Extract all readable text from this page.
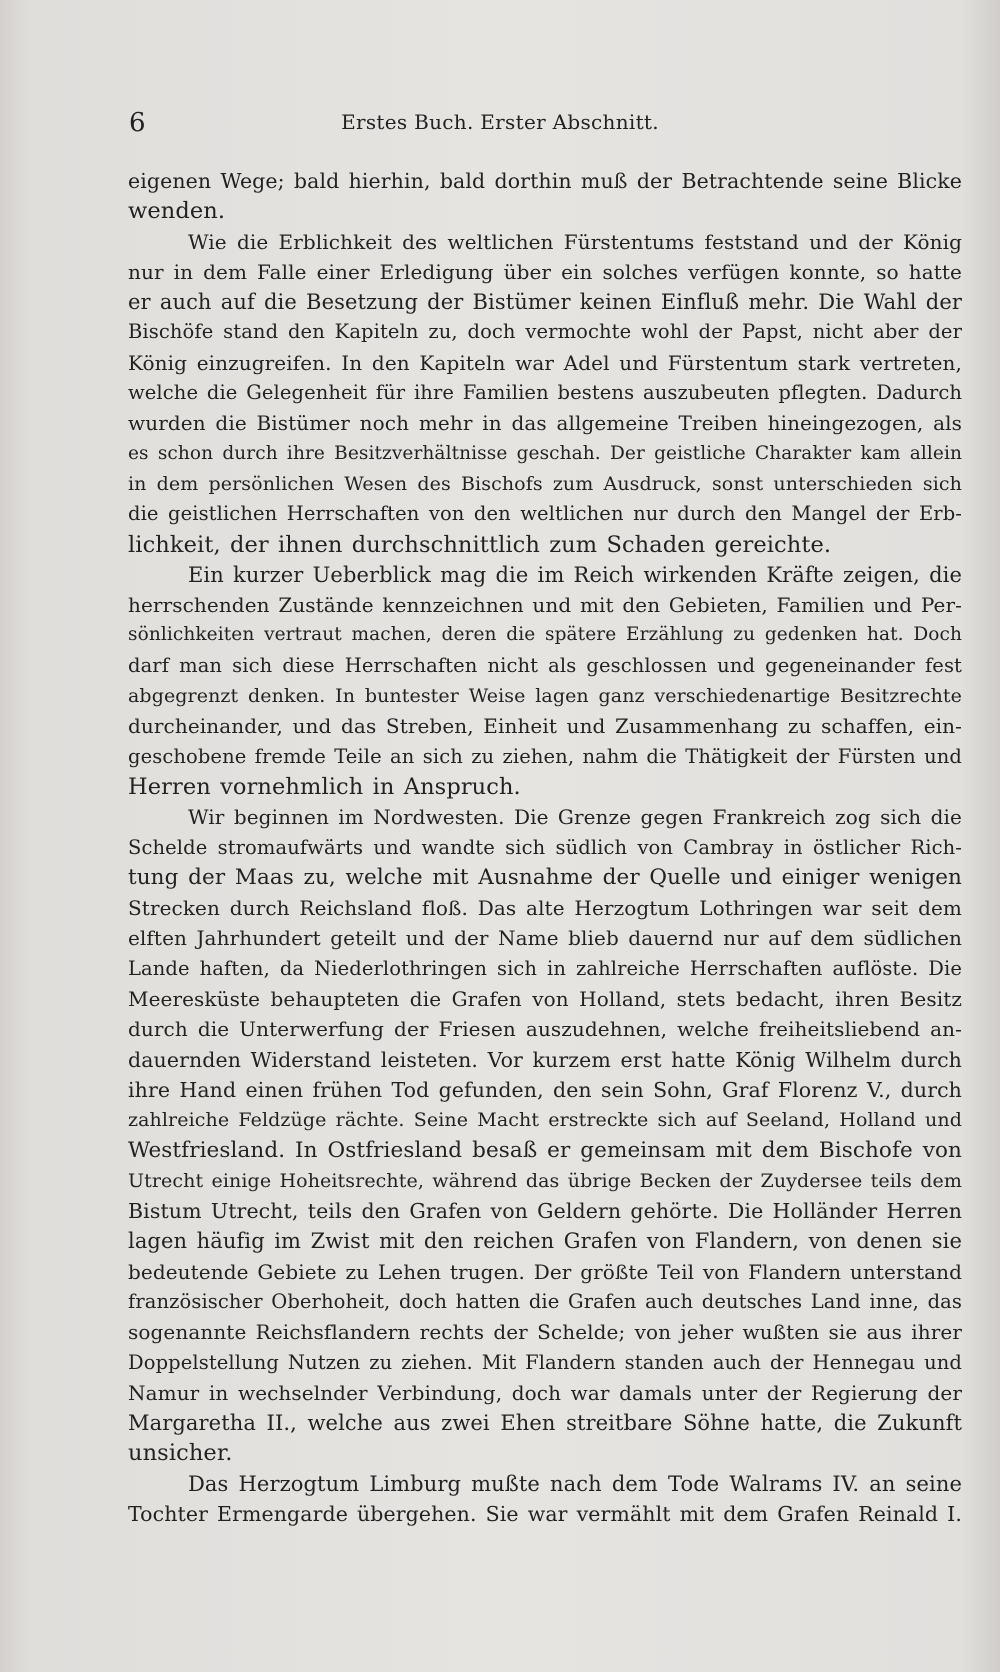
6	Erstes Buch. Erster Abschnitt.
eigenen Wege; bald hierhin, bald dorthin muß der Betrachtende seine Blicke
wenden.
Wie die Erblichkeit des weltlichen Fürstentums feststand und der König
nur in dem Falle einer Erledigung über ein solches verfügen konnte, so hatte
er auch auf die Besetzung der Bistümer keinen Einfluß mehr. Die Wahl der
Bischöfe stand den Kapiteln zu, doch vermochte wohl der Papst, nicht aber der
König einzugreifen. In den Kapiteln war Adel und Fürstentum stark vertreten,
welche die Gelegenheit für ihre Familien bestens auszubeuten pflegten. Dadurch
wurden die Bistümer noch mehr in das allgemeine Treiben hineingezogen, als
es schon durch ihre Besitzverhältnisse geschah. Der geistliche Charakter kam allein
in dem persönlichen Wesen des Bischofs zum Ausdruck, sonst unterschieden sich
die geistlichen Herrschaften von den weltlichen nur durch den Mangel der Erb-
lichkeit, der ihnen durchschnittlich zum Schaden gereichte.
Ein kurzer Ueberblick mag die im Reich wirkenden Kräfte zeigen, die
herrschenden Zustände kennzeichnen und mit den Gebieten, Familien und Per-
sönlichkeiten vertraut machen, deren die spätere Erzählung zu gedenken hat. Doch
darf man sich diese Herrschaften nicht als geschlossen und gegeneinander fest
abgegrenzt denken. In buntester Weise lagen ganz verschiedenartige Besitzrechte
durcheinander, und das Streben, Einheit und Zusammenhang zu schaffen, ein-
geschobene fremde Teile an sich zu ziehen, nahm die Thätigkeit der Fürsten und
Herren vornehmlich in Anspruch.
Wir beginnen im Nordwesten. Die Grenze gegen Frankreich zog sich die
Schelde stromaufwärts und wandte sich südlich von Cambray in östlicher Rich-
tung der Maas zu, welche mit Ausnahme der Quelle und einiger wenigen
Strecken durch Reichsland floß. Das alte Herzogtum Lothringen war seit dem
elften Jahrhundert geteilt und der Name blieb dauernd nur auf dem südlichen
Lande haften, da Niederlothringen sich in zahlreiche Herrschaften auflöste. Die
Meeresküste behaupteten die Grafen von Holland, stets bedacht, ihren Besitz
durch die Unterwerfung der Friesen auszudehnen, welche freiheitsliebend an-
dauernden Widerstand leisteten. Vor kurzem erst hatte König Wilhelm durch
ihre Hand einen frühen Tod gefunden, den sein Sohn, Graf Florenz V., durch
zahlreiche Feldzüge rächte. Seine Macht erstreckte sich auf Seeland, Holland und
Westfriesland. In Ostfriesland besaß er gemeinsam mit dem Bischofe von
Utrecht einige Hoheitsrechte, während das übrige Becken der Zuydersee teils dem
Bistum Utrecht, teils den Grafen von Geldern gehörte. Die Holländer Herren
lagen häufig im Zwist mit den reichen Grafen von Flandern, von denen sie
bedeutende Gebiete zu Lehen trugen. Der größte Teil von Flandern unterstand
französischer Oberhoheit, doch hatten die Grafen auch deutsches Land inne, das
sogenannte Reichsflandern rechts der Schelde; von jeher wußten sie aus ihrer
Doppelstellung Nutzen zu ziehen. Mit Flandern standen auch der Hennegau und
Namur in wechselnder Verbindung, doch war damals unter der Regierung der
Margaretha II., welche aus zwei Ehen streitbare Söhne hatte, die Zukunft
unsicher.
Das Herzogtum Limburg mußte nach dem Tode Walrams IV. an seine
Tochter Ermengarde übergehen. Sie war vermählt mit dem Grafen Reinald I.
